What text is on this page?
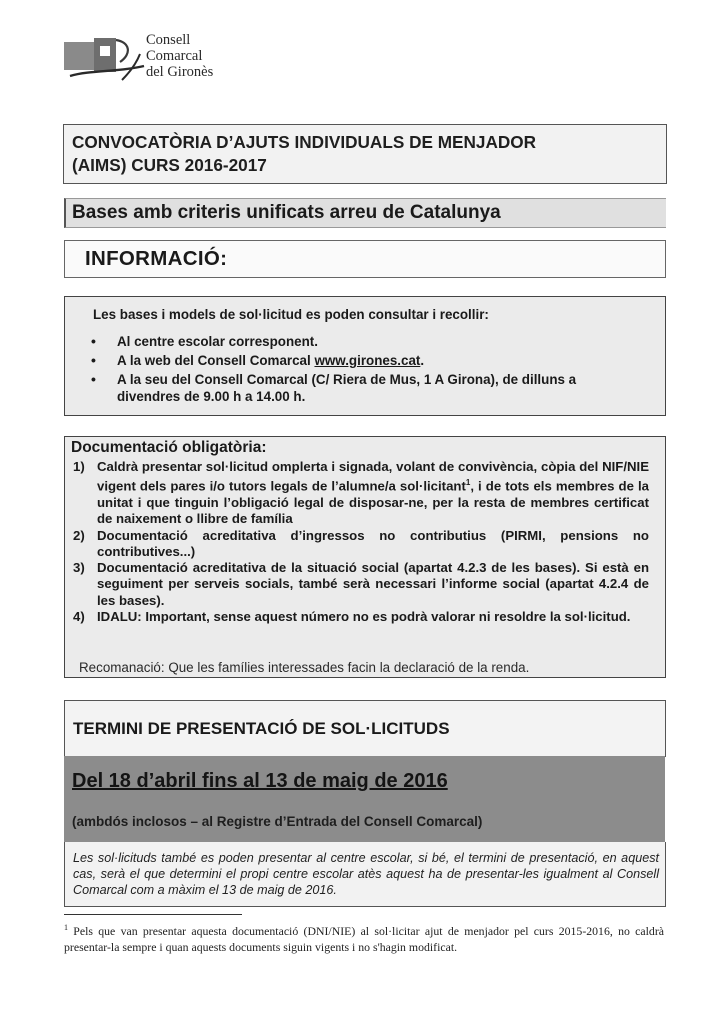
Consell
Comarcal
del Gironès
CONVOCATÒRIA D’AJUTS INDIVIDUALS DE MENJADOR
(AIMS) CURS 2016-2017
Bases amb criteris unificats arreu de Catalunya
INFORMACIÓ:
Les bases i models de sol·licitud es poden consultar i recollir:
• Al centre escolar corresponent.
• A la web del Consell Comarcal www.girones.cat.
• A la seu del Consell Comarcal (C/ Riera de Mus, 1 A Girona), de dilluns a divendres de 9.00 h a 14.00 h.
Documentació obligatòria:
1) Caldrà presentar sol·licitud omplerta i signada, volant de convivència, còpia del NIF/NIE vigent dels pares i/o tutors legals de l’alumne/a sol·licitant$^1$, i de tots els membres de la unitat i que tinguin l’obligació legal de disposar-ne, per la resta de membres certificat de naixement o llibre de família
2) Documentació acreditativa d’ingressos no contributius (PIRMI, pensions no contributives...)
3) Documentació acreditativa de la situació social (apartat 4.2.3 de les bases). Si està en seguiment per serveis socials, també serà necessari l’informe social (apartat 4.2.4 de les bases).
4) IDALU: Important, sense aquest número no es podrà valorar ni resoldre la sol·licitud.
Recomanació: Que les famílies interessades facin la declaració de la renda.
TERMINI DE PRESENTACIÓ DE SOL·LICITUDS
Del 18 d’abril fins al 13 de maig de 2016
(ambdós inclosos – al Registre d’Entrada del Consell Comarcal)
Les sol·licituds també es poden presentar al centre escolar, si bé, el termini de presentació, en aquest cas, serà el que determini el propi centre escolar atès aquest ha de presentar-les igualment al Consell Comarcal com a màxim el 13 de maig de 2016.
$^1$ Pels que van presentar aquesta documentació (DNI/NIE) al sol·licitar ajut de menjador pel curs 2015-2016, no caldrà presentar-la sempre i quan aquests documents siguin vigents i no s'hagin modificat.
